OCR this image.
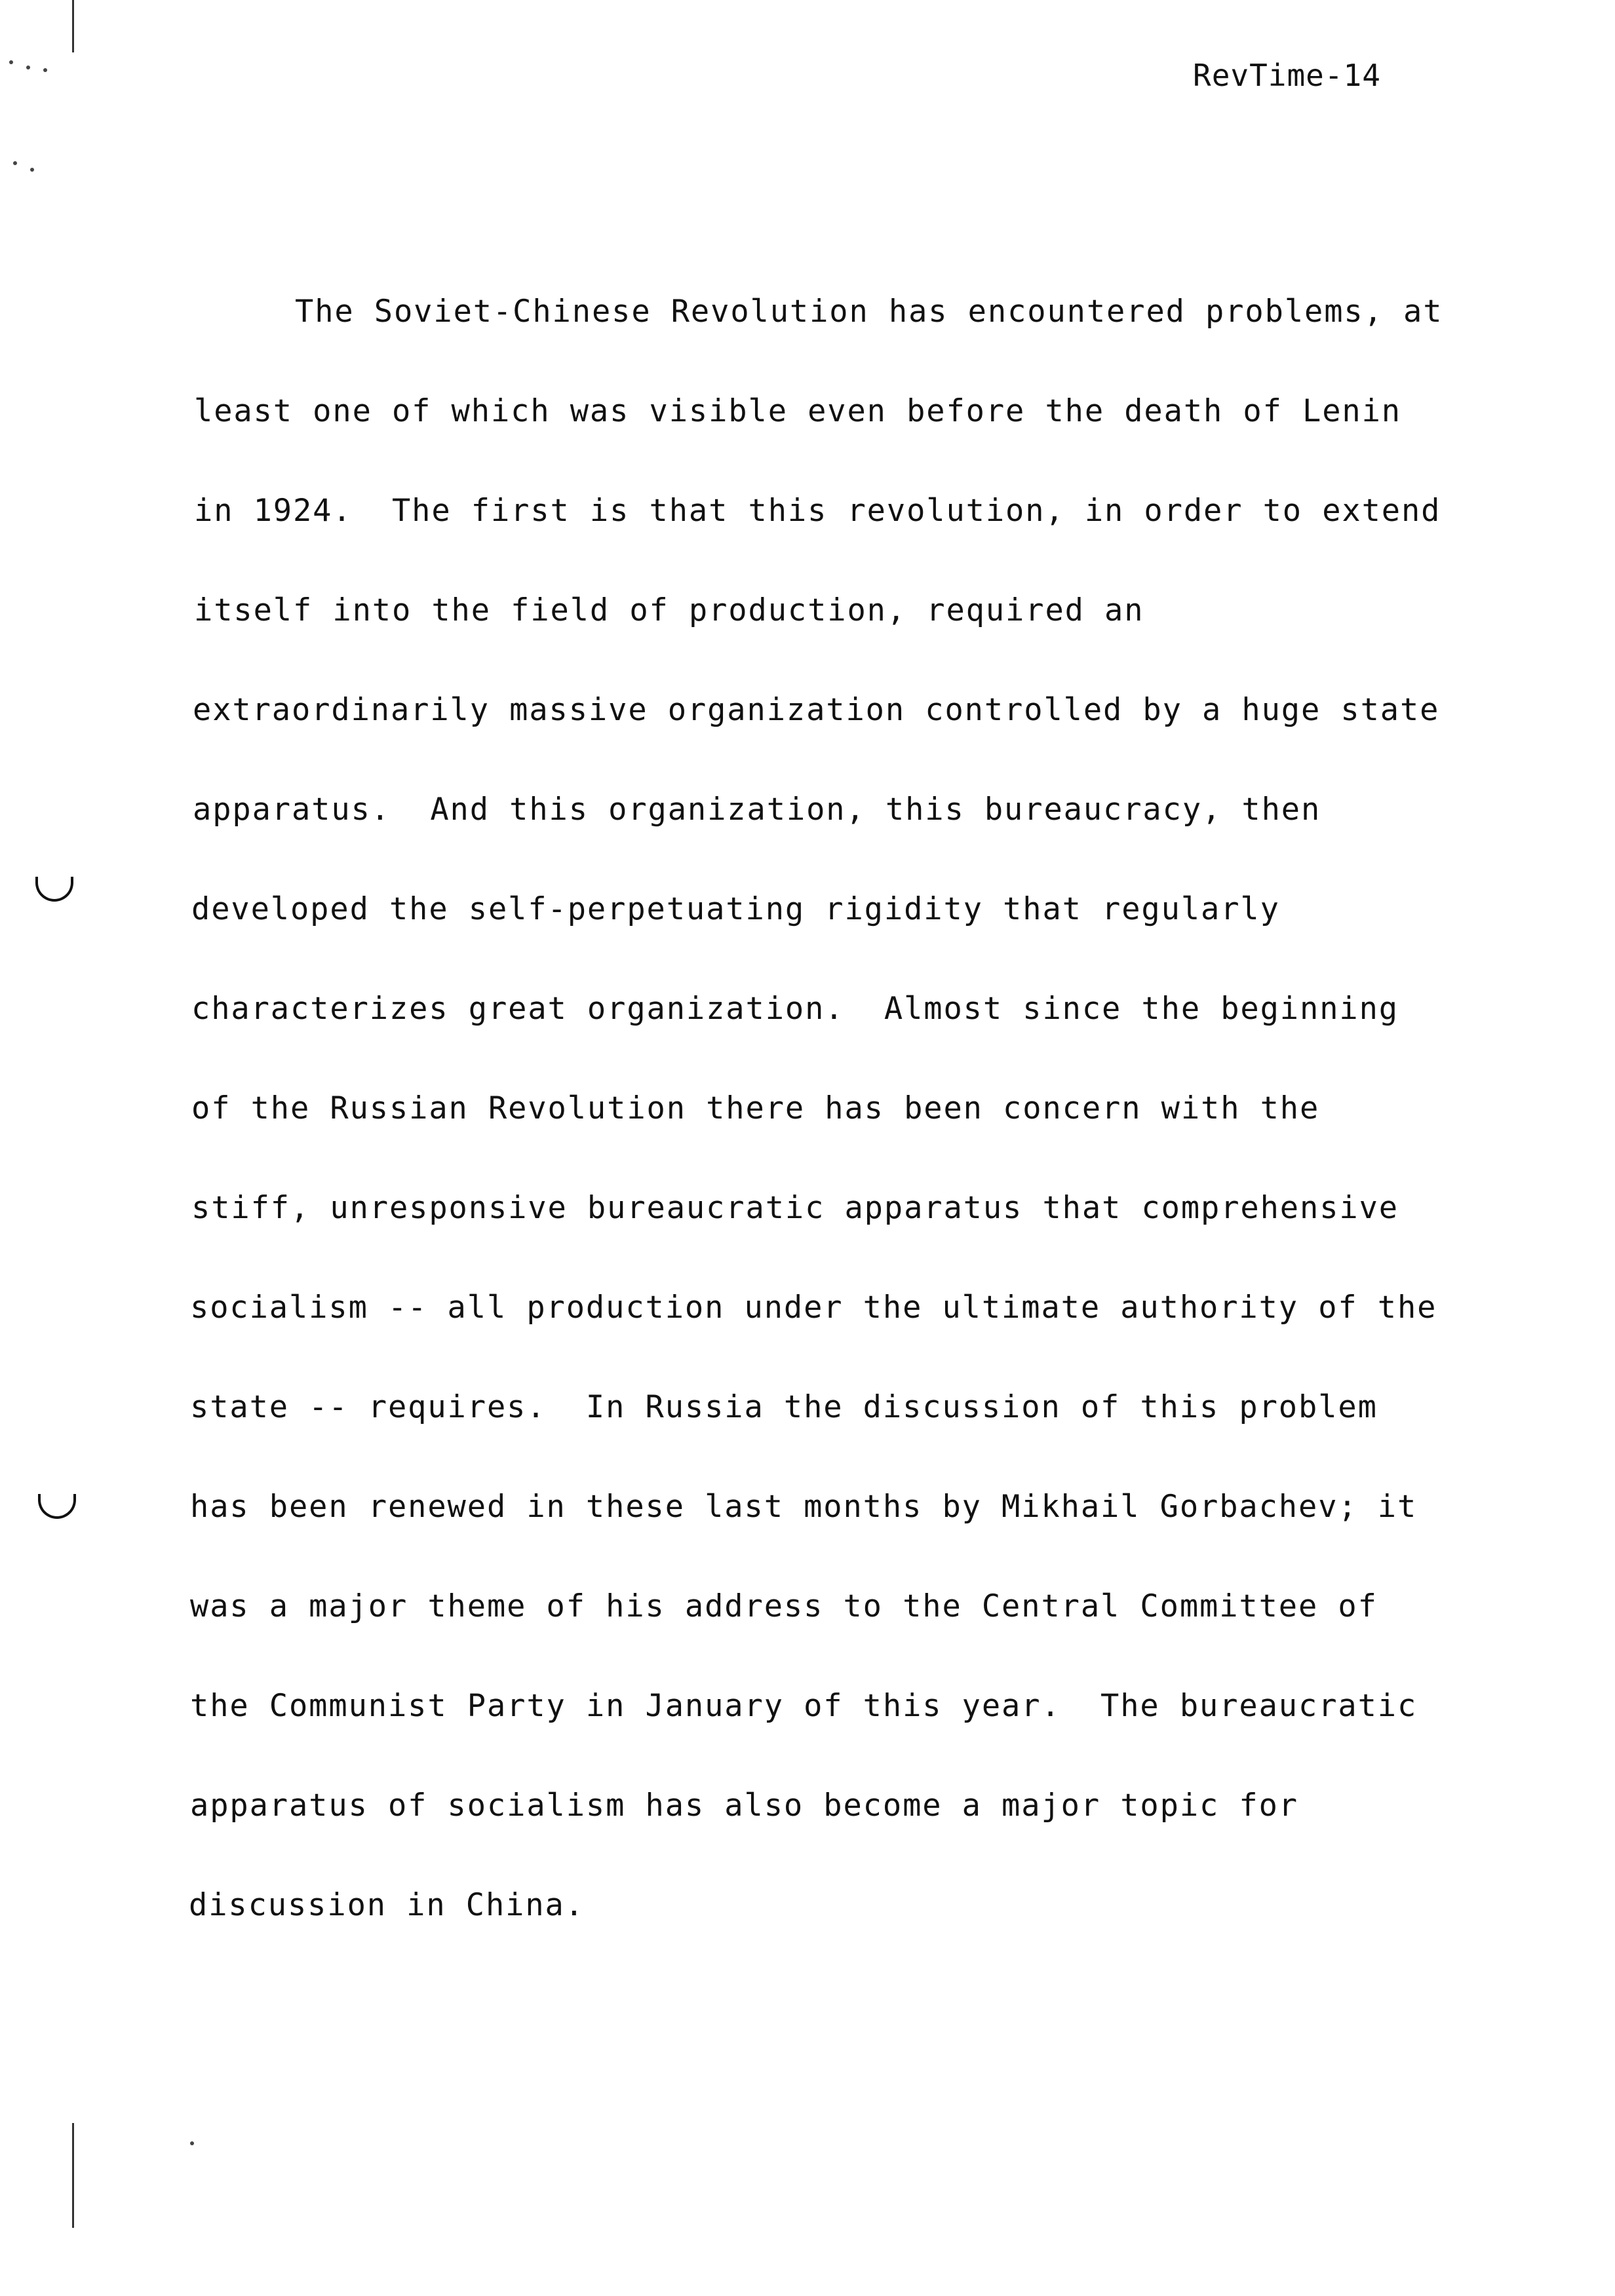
RevTime-14
The Soviet-Chinese Revolution has encountered problems, at
least one of which was visible even before the death of Lenin
in 1924.  The first is that this revolution, in order to extend
itself into the field of production, required an
extraordinarily massive organization controlled by a huge state
apparatus.  And this organization, this bureaucracy, then
developed the self-perpetuating rigidity that regularly
characterizes great organization.  Almost since the beginning
of the Russian Revolution there has been concern with the
stiff, unresponsive bureaucratic apparatus that comprehensive
socialism -- all production under the ultimate authority of the
state -- requires.  In Russia the discussion of this problem
has been renewed in these last months by Mikhail Gorbachev; it
was a major theme of his address to the Central Committee of
the Communist Party in January of this year.  The bureaucratic
apparatus of socialism has also become a major topic for
discussion in China.
